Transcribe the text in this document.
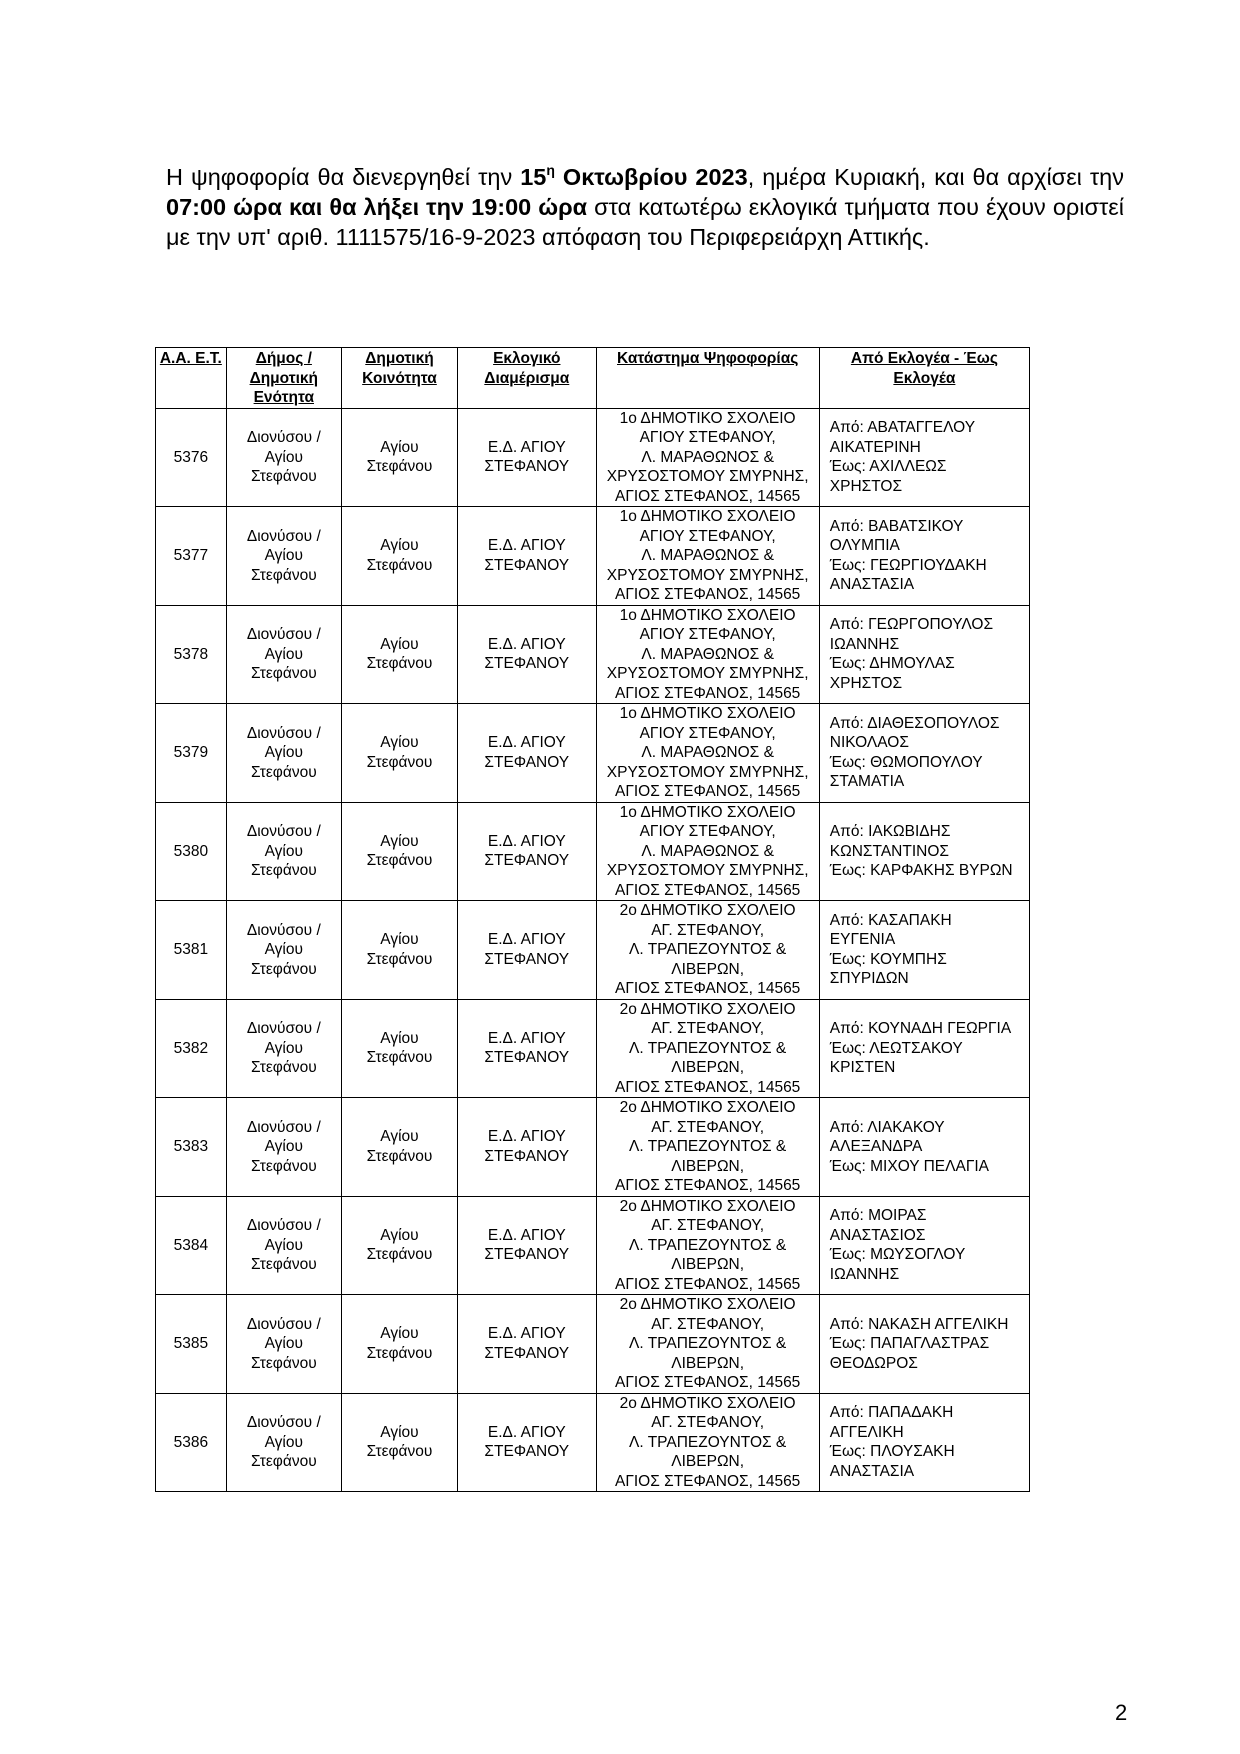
Η ψηφοφορία θα διενεργηθεί την $15^\eta$ Οκτωβρίου 2023, ημέρα Κυριακή, και θα αρχίσει την 07:00 ώρα και θα λήξει την 19:00 ώρα στα κατωτέρω εκλογικά τμήματα που έχουν οριστεί με την υπ' αριθ. 1111575/16-9-2023 απόφαση του Περιφερειάρχη Αττικής.

Α.Α. Ε.Τ.	Δήμος / Δημοτική Ενότητα	Δημοτική Κοινότητα	Εκλογικό Διαμέρισμα	Κατάστημα Ψηφοφορίας	Από Εκλογέα - Έως Εκλογέα
5376	Διονύσου /
Αγίου
Στεφάνου	Αγίου
Στεφάνου	Ε.Δ. ΑΓΙΟΥ
ΣΤΕΦΑΝΟΥ	1ο ΔΗΜΟΤΙΚΟ ΣΧΟΛΕΙΟ
ΑΓΙΟΥ ΣΤΕΦΑΝΟΥ,
Λ. ΜΑΡΑΘΩΝΟΣ &
ΧΡΥΣΟΣΤΟΜΟΥ ΣΜΥΡΝΗΣ,
ΑΓΙΟΣ ΣΤΕΦΑΝΟΣ, 14565	Από: ΑΒΑΤΑΓΓΕΛΟΥ
ΑΙΚΑΤΕΡΙΝΗ
Έως: ΑΧΙΛΛΕΩΣ
ΧΡΗΣΤΟΣ

5377	Διονύσου /
Αγίου
Στεφάνου	Αγίου
Στεφάνου	Ε.Δ. ΑΓΙΟΥ
ΣΤΕΦΑΝΟΥ	1ο ΔΗΜΟΤΙΚΟ ΣΧΟΛΕΙΟ
ΑΓΙΟΥ ΣΤΕΦΑΝΟΥ,
Λ. ΜΑΡΑΘΩΝΟΣ &
ΧΡΥΣΟΣΤΟΜΟΥ ΣΜΥΡΝΗΣ,
ΑΓΙΟΣ ΣΤΕΦΑΝΟΣ, 14565	Από: ΒΑΒΑΤΣΙΚΟΥ
ΟΛΥΜΠΙΑ
Έως: ΓΕΩΡΓΙΟΥΔΑΚΗ
ΑΝΑΣΤΑΣΙΑ

5378	Διονύσου /
Αγίου
Στεφάνου	Αγίου
Στεφάνου	Ε.Δ. ΑΓΙΟΥ
ΣΤΕΦΑΝΟΥ	1ο ΔΗΜΟΤΙΚΟ ΣΧΟΛΕΙΟ
ΑΓΙΟΥ ΣΤΕΦΑΝΟΥ,
Λ. ΜΑΡΑΘΩΝΟΣ &
ΧΡΥΣΟΣΤΟΜΟΥ ΣΜΥΡΝΗΣ,
ΑΓΙΟΣ ΣΤΕΦΑΝΟΣ, 14565	Από: ΓΕΩΡΓΟΠΟΥΛΟΣ
ΙΩΑΝΝΗΣ
Έως: ΔΗΜΟΥΛΑΣ
ΧΡΗΣΤΟΣ

5379	Διονύσου /
Αγίου
Στεφάνου	Αγίου
Στεφάνου	Ε.Δ. ΑΓΙΟΥ
ΣΤΕΦΑΝΟΥ	1ο ΔΗΜΟΤΙΚΟ ΣΧΟΛΕΙΟ
ΑΓΙΟΥ ΣΤΕΦΑΝΟΥ,
Λ. ΜΑΡΑΘΩΝΟΣ &
ΧΡΥΣΟΣΤΟΜΟΥ ΣΜΥΡΝΗΣ,
ΑΓΙΟΣ ΣΤΕΦΑΝΟΣ, 14565	Από: ΔΙΑΘΕΣΟΠΟΥΛΟΣ
ΝΙΚΟΛΑΟΣ
Έως: ΘΩΜΟΠΟΥΛΟΥ
ΣΤΑΜΑΤΙΑ

5380	Διονύσου /
Αγίου
Στεφάνου	Αγίου
Στεφάνου	Ε.Δ. ΑΓΙΟΥ
ΣΤΕΦΑΝΟΥ	1ο ΔΗΜΟΤΙΚΟ ΣΧΟΛΕΙΟ
ΑΓΙΟΥ ΣΤΕΦΑΝΟΥ,
Λ. ΜΑΡΑΘΩΝΟΣ &
ΧΡΥΣΟΣΤΟΜΟΥ ΣΜΥΡΝΗΣ,
ΑΓΙΟΣ ΣΤΕΦΑΝΟΣ, 14565	Από: ΙΑΚΩΒΙΔΗΣ
ΚΩΝΣΤΑΝΤΙΝΟΣ
Έως: ΚΑΡΦΑΚΗΣ ΒΥΡΩΝ

5381	Διονύσου /
Αγίου
Στεφάνου	Αγίου
Στεφάνου	Ε.Δ. ΑΓΙΟΥ
ΣΤΕΦΑΝΟΥ	2ο ΔΗΜΟΤΙΚΟ ΣΧΟΛΕΙΟ
ΑΓ. ΣΤΕΦΑΝΟΥ,
Λ. ΤΡΑΠΕΖΟΥΝΤΟΣ &
ΛΙΒΕΡΩΝ,
ΑΓΙΟΣ ΣΤΕΦΑΝΟΣ, 14565	Από: ΚΑΣΑΠΑΚΗ
ΕΥΓΕΝΙΑ
Έως: ΚΟΥΜΠΗΣ
ΣΠΥΡΙΔΩΝ

5382	Διονύσου /
Αγίου
Στεφάνου	Αγίου
Στεφάνου	Ε.Δ. ΑΓΙΟΥ
ΣΤΕΦΑΝΟΥ	2ο ΔΗΜΟΤΙΚΟ ΣΧΟΛΕΙΟ
ΑΓ. ΣΤΕΦΑΝΟΥ,
Λ. ΤΡΑΠΕΖΟΥΝΤΟΣ &
ΛΙΒΕΡΩΝ,
ΑΓΙΟΣ ΣΤΕΦΑΝΟΣ, 14565	Από: ΚΟΥΝΑΔΗ ΓΕΩΡΓΙΑ
Έως: ΛΕΩΤΣΑΚΟΥ
ΚΡΙΣΤΕΝ

5383	Διονύσου /
Αγίου
Στεφάνου	Αγίου
Στεφάνου	Ε.Δ. ΑΓΙΟΥ
ΣΤΕΦΑΝΟΥ	2ο ΔΗΜΟΤΙΚΟ ΣΧΟΛΕΙΟ
ΑΓ. ΣΤΕΦΑΝΟΥ,
Λ. ΤΡΑΠΕΖΟΥΝΤΟΣ &
ΛΙΒΕΡΩΝ,
ΑΓΙΟΣ ΣΤΕΦΑΝΟΣ, 14565	Από: ΛΙΑΚΑΚΟΥ
ΑΛΕΞΑΝΔΡΑ
Έως: ΜΙΧΟΥ ΠΕΛΑΓΙΑ

5384	Διονύσου /
Αγίου
Στεφάνου	Αγίου
Στεφάνου	Ε.Δ. ΑΓΙΟΥ
ΣΤΕΦΑΝΟΥ	2ο ΔΗΜΟΤΙΚΟ ΣΧΟΛΕΙΟ
ΑΓ. ΣΤΕΦΑΝΟΥ,
Λ. ΤΡΑΠΕΖΟΥΝΤΟΣ &
ΛΙΒΕΡΩΝ,
ΑΓΙΟΣ ΣΤΕΦΑΝΟΣ, 14565	Από: ΜΟΙΡΑΣ
ΑΝΑΣΤΑΣΙΟΣ
Έως: ΜΩΥΣΟΓΛΟΥ
ΙΩΑΝΝΗΣ

5385	Διονύσου /
Αγίου
Στεφάνου	Αγίου
Στεφάνου	Ε.Δ. ΑΓΙΟΥ
ΣΤΕΦΑΝΟΥ	2ο ΔΗΜΟΤΙΚΟ ΣΧΟΛΕΙΟ
ΑΓ. ΣΤΕΦΑΝΟΥ,
Λ. ΤΡΑΠΕΖΟΥΝΤΟΣ &
ΛΙΒΕΡΩΝ,
ΑΓΙΟΣ ΣΤΕΦΑΝΟΣ, 14565	Από: ΝΑΚΑΣΗ ΑΓΓΕΛΙΚΗ
Έως: ΠΑΠΑΓΛΑΣΤΡΑΣ
ΘΕΟΔΩΡΟΣ

5386	Διονύσου /
Αγίου
Στεφάνου	Αγίου
Στεφάνου	Ε.Δ. ΑΓΙΟΥ
ΣΤΕΦΑΝΟΥ	2ο ΔΗΜΟΤΙΚΟ ΣΧΟΛΕΙΟ
ΑΓ. ΣΤΕΦΑΝΟΥ,
Λ. ΤΡΑΠΕΖΟΥΝΤΟΣ &
ΛΙΒΕΡΩΝ,
ΑΓΙΟΣ ΣΤΕΦΑΝΟΣ, 14565	Από: ΠΑΠΑΔΑΚΗ
ΑΓΓΕΛΙΚΗ
Έως: ΠΛΟΥΣΑΚΗ
ΑΝΑΣΤΑΣΙΑ
2
